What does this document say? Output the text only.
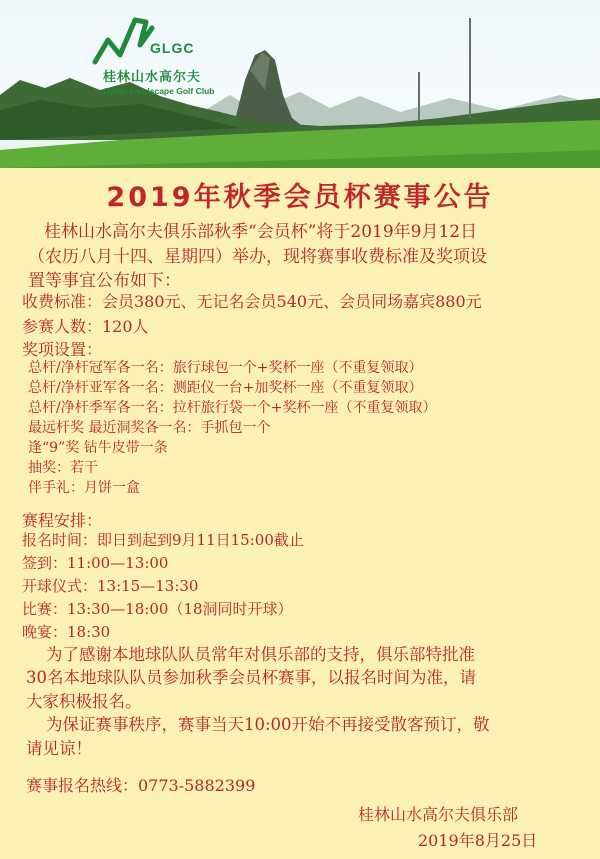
GLGC
桂林山水高尔夫
Guilin Landscape Golf Club
2019年秋季会员杯赛事公告
桂林山水高尔夫俱乐部秋季“会员杯”将于2019年9月12日
（农历八月十四、星期四）举办，现将赛事收费标准及奖项设
置等事宜公布如下：
收费标准：会员380元、无记名会员540元、会员同场嘉宾880元
参赛人数：120人
奖项设置：
总杆/净杆冠军各一名：旅行球包一个+奖杯一座（不重复领取）
总杆/净杆亚军各一名：测距仪一台+加奖杯一座（不重复领取）
总杆/净杆季军各一名：拉杆旅行袋一个+奖杯一座（不重复领取）
最远杆奖 最近洞奖各一名：手抓包一个
逢“9”奖 钻牛皮带一条
抽奖：若干
伴手礼：月饼一盒
赛程安排：
报名时间：即日到起到9月11日15:00截止
签到：11:00—13:00
开球仪式：13:15—13:30
比赛：13:30—18:00（18洞同时开球）
晚宴：18:30
为了感谢本地球队队员常年对俱乐部的支持，俱乐部特批准
30名本地球队队员参加秋季会员杯赛事，以报名时间为准，请
大家积极报名。
为保证赛事秩序，赛事当天10:00开始不再接受散客预订，敬
请见谅！
赛事报名热线：0773-5882399
桂林山水高尔夫俱乐部
2019年8月25日
